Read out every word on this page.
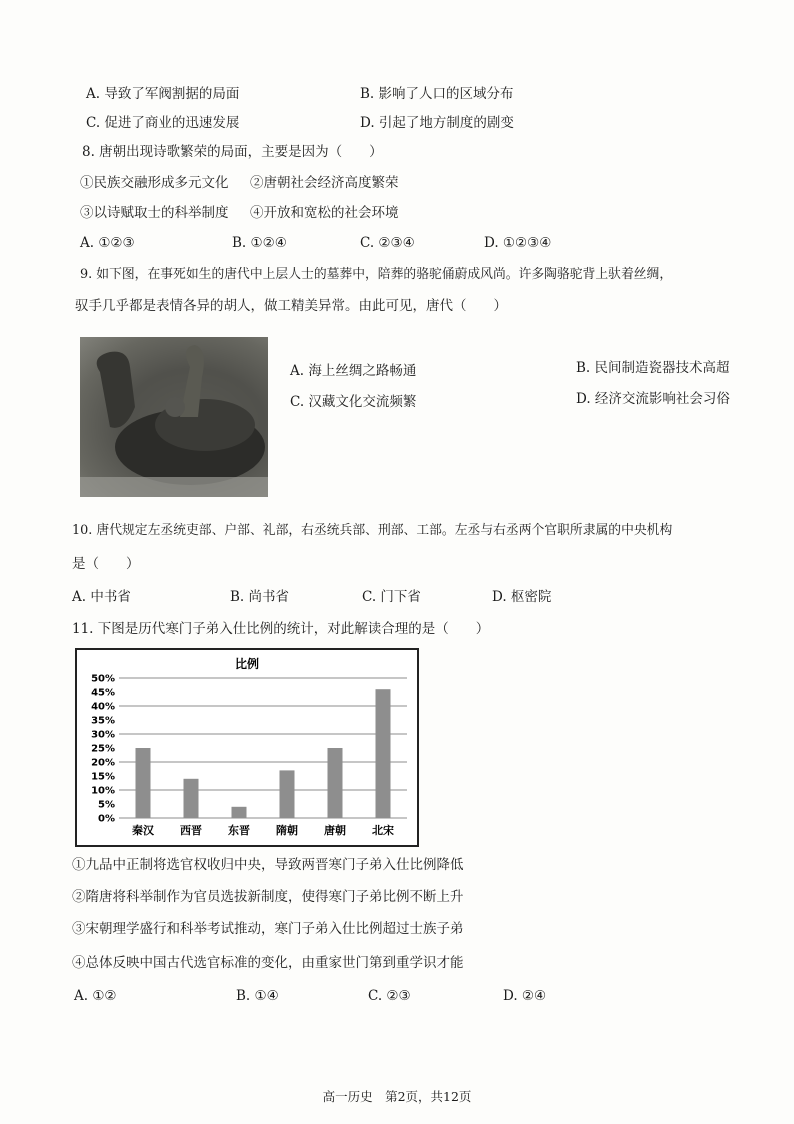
A. 导致了军阀割据的局面	B. 影响了人口的区域分布
C. 促进了商业的迅速发展	D. 引起了地方制度的剧变
8. 唐朝出现诗歌繁荣的局面，主要是因为（　　）
①民族交融形成多元文化 ②唐朝社会经济高度繁荣
③以诗赋取士的科举制度 ④开放和宽松的社会环境
A. ①②③	B. ①②④	C. ②③④	D. ①②③④
9. 如下图，在事死如生的唐代中上层人士的墓葬中，陪葬的骆驼俑蔚成风尚。许多陶骆驼背上驮着丝绸，
驭手几乎都是表情各异的胡人，做工精美异常。由此可见，唐代（　　）
A. 海上丝绸之路畅通	B. 民间制造瓷器技术高超
C. 汉藏文化交流频繁	D. 经济交流影响社会习俗
10. 唐代规定左丞统吏部、户部、礼部，右丞统兵部、刑部、工部。左丞与右丞两个官职所隶属的中央机构
是（　　）
A. 中书省	B. 尚书省	C. 门下省	D. 枢密院
11. 下图是历代寒门子弟入仕比例的统计，对此解读合理的是（　　）
比例
0%
5%
10%
15%
20%
25%
30%
35%
40%
45%
50%
秦汉 西晋 东晋 隋朝 唐朝 北宋
①九品中正制将选官权收归中央，导致两晋寒门子弟入仕比例降低
②隋唐将科举制作为官员选拔新制度，使得寒门子弟比例不断上升
③宋朝理学盛行和科举考试推动，寒门子弟入仕比例超过士族子弟
④总体反映中国古代选官标准的变化，由重家世门第到重学识才能
A. ①②	B. ①④	C. ②③	D. ②④
高一历史　第2页，共12页
